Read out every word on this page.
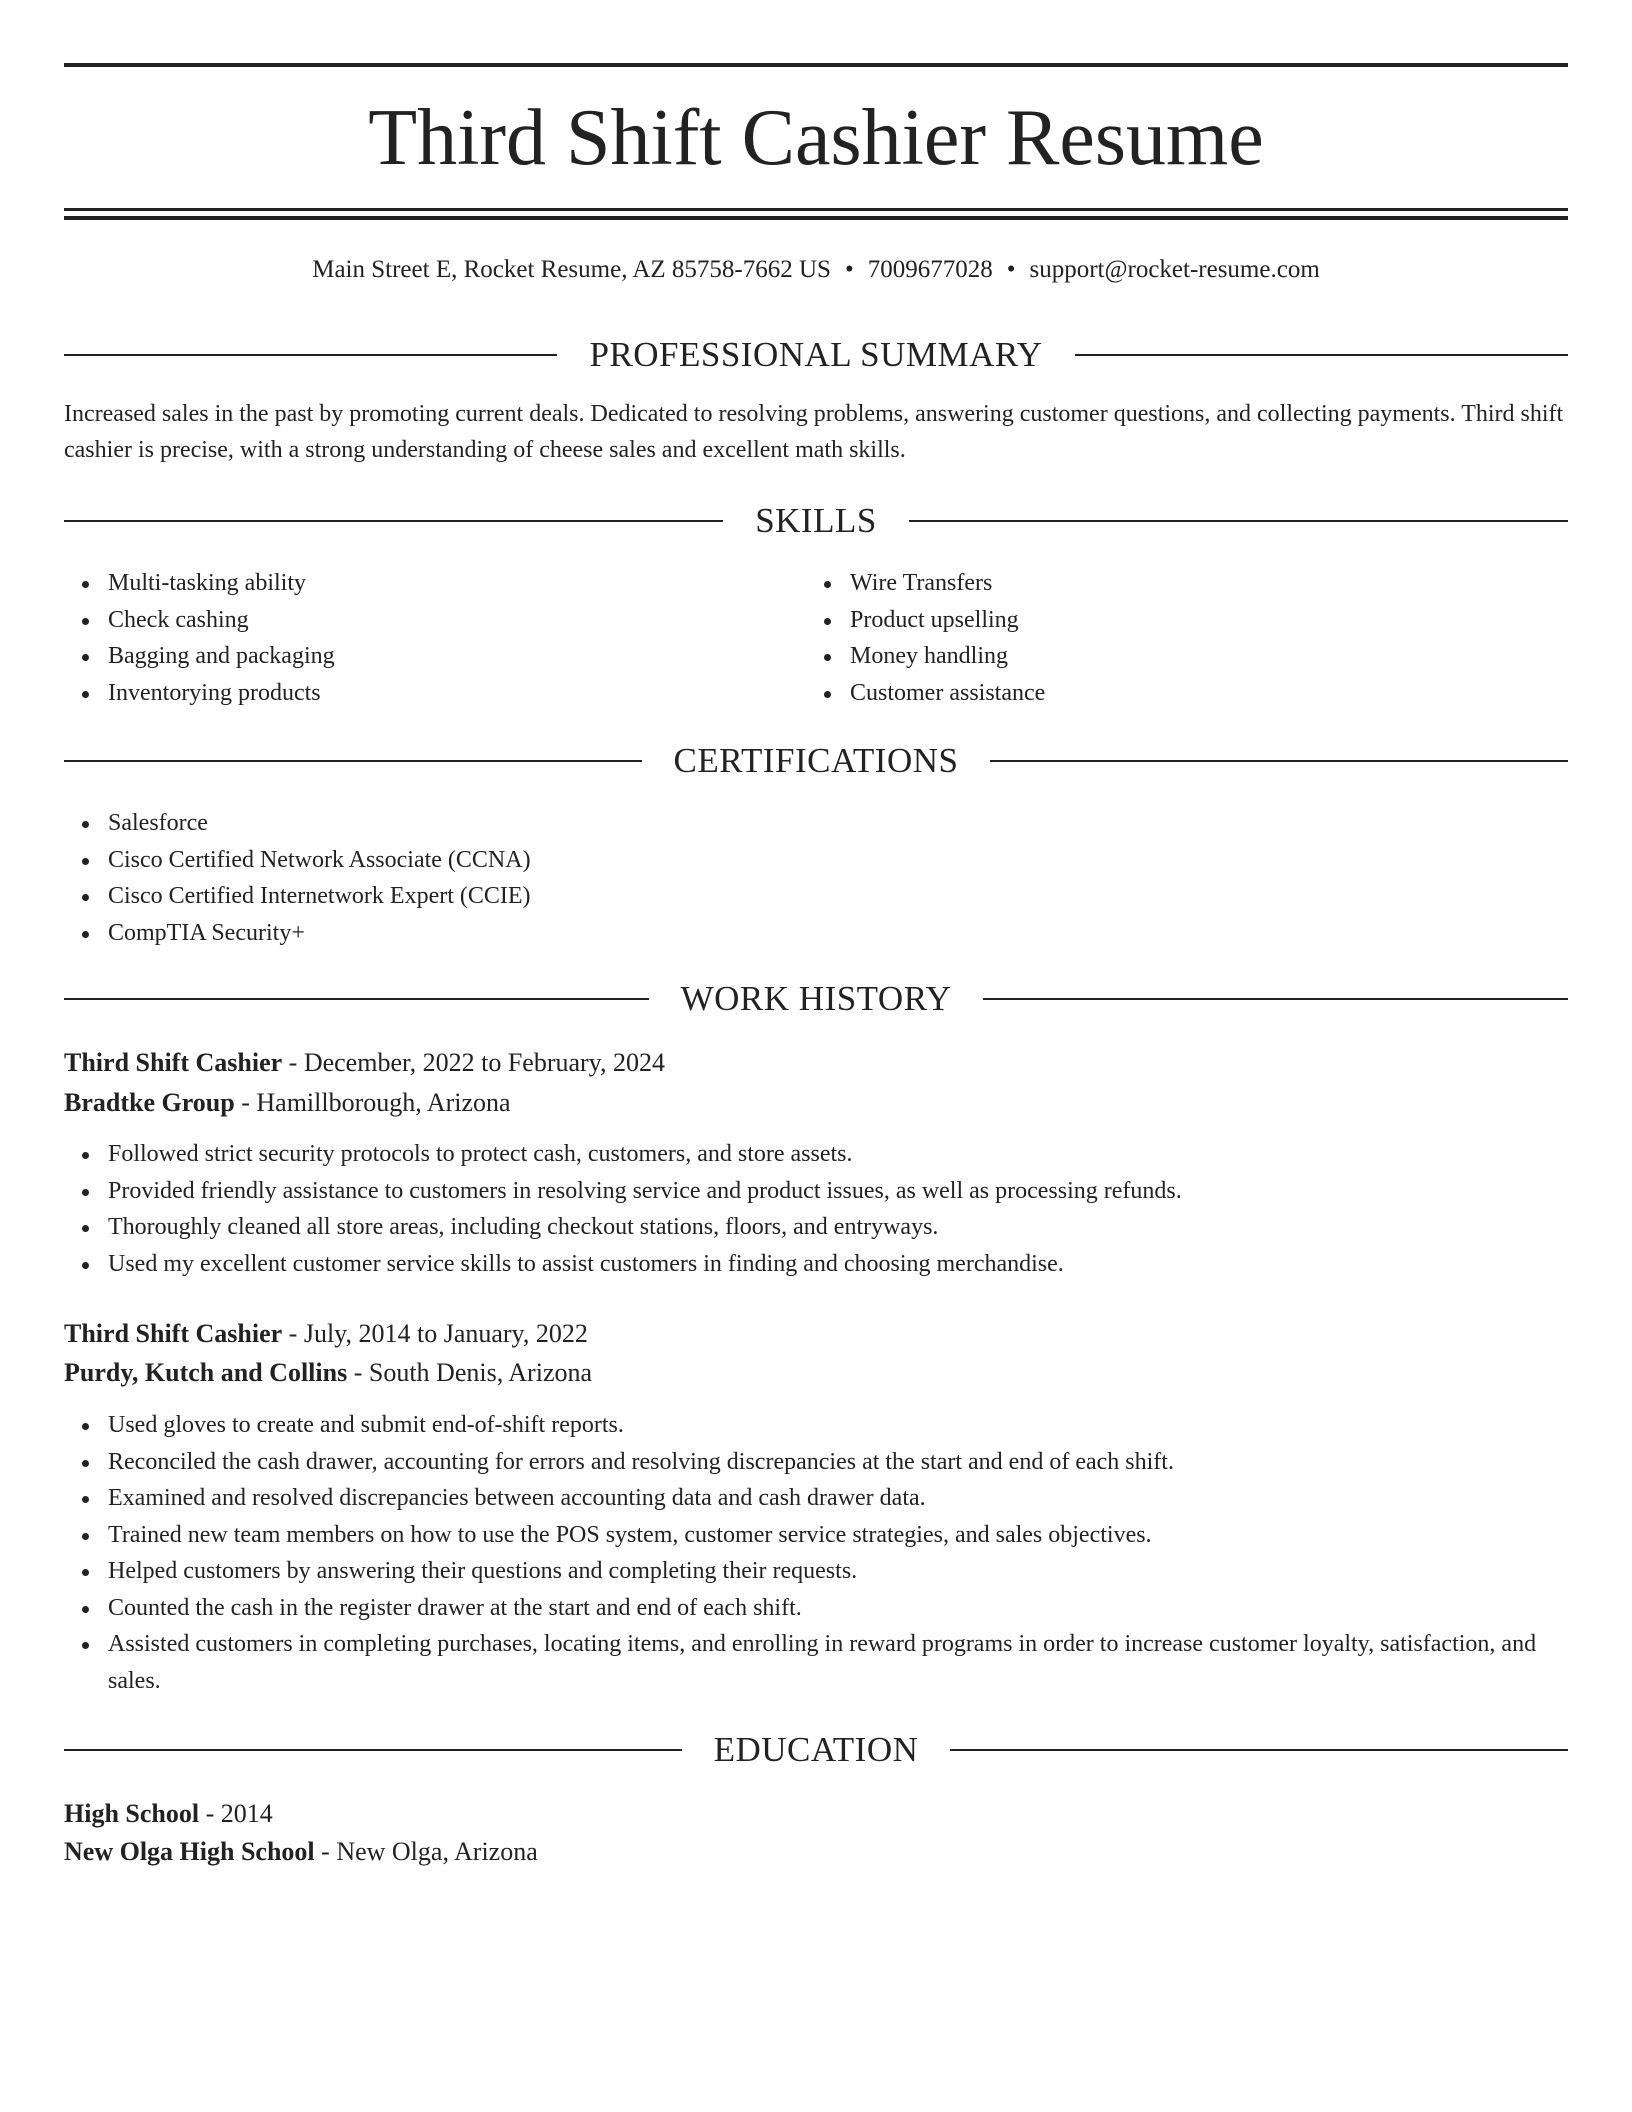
Third Shift Cashier Resume
Main Street E, Rocket Resume, AZ 85758-7662 US • 7009677028 • support@rocket-resume.com
PROFESSIONAL SUMMARY

Increased sales in the past by promoting current deals. Dedicated to resolving problems, answering customer questions, and collecting payments. Third shift cashier is precise, with a strong understanding of cheese sales and excellent math skills.

SKILLS
Multi-tasking ability
Check cashing
Bagging and packaging
Inventorying products
Wire Transfers
Product upselling
Money handling
Customer assistance
CERTIFICATIONS
Salesforce
Cisco Certified Network Associate (CCNA)
Cisco Certified Internetwork Expert (CCIE)
CompTIA Security+
WORK HISTORY
Third Shift Cashier - December, 2022 to February, 2024
Bradtke Group - Hamillborough, Arizona
Followed strict security protocols to protect cash, customers, and store assets.
Provided friendly assistance to customers in resolving service and product issues, as well as processing refunds.
Thoroughly cleaned all store areas, including checkout stations, floors, and entryways.
Used my excellent customer service skills to assist customers in finding and choosing merchandise.
Third Shift Cashier - July, 2014 to January, 2022
Purdy, Kutch and Collins - South Denis, Arizona
Used gloves to create and submit end-of-shift reports.
Reconciled the cash drawer, accounting for errors and resolving discrepancies at the start and end of each shift.
Examined and resolved discrepancies between accounting data and cash drawer data.
Trained new team members on how to use the POS system, customer service strategies, and sales objectives.
Helped customers by answering their questions and completing their requests.
Counted the cash in the register drawer at the start and end of each shift.
Assisted customers in completing purchases, locating items, and enrolling in reward programs in order to increase customer loyalty, satisfaction, and sales.
EDUCATION
High School - 2014
New Olga High School - New Olga, Arizona
